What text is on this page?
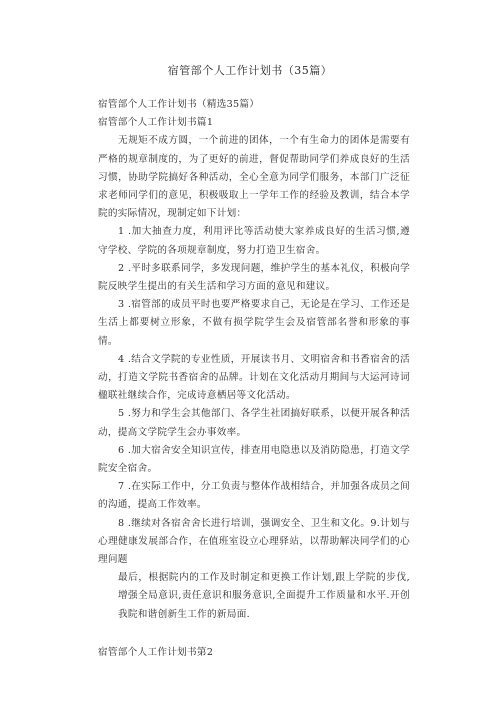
宿管部个人工作计划书（35篇）

宿管部个人工作计划书（精选35篇）

宿管部个人工作计划书篇1

无规矩不成方圆，一个前进的团体，一个有生命力的团体是需要有严格的规章制度的，为了更好的前进，督促帮助同学们养成良好的生活习惯，协助学院搞好各种活动，全心全意为同学们服务，本部门广泛征求老师同学们的意见，积极吸取上一学年工作的经验及教训，结合本学院的实际情况，现制定如下计划：

1 .加大抽查力度，利用评比等活动使大家养成良好的生活习惯,遵守学校、学院的各项规章制度，努力打造卫生宿舍。

2 .平时多联系同学，多发现问题，维护学生的基本礼仪，积极向学院反映学生提出的有关生活和学习方面的意见和建议。

3 .宿管部的成员平时也要严格要求自己，无论是在学习、工作还是生活上都要树立形象，不做有损学院学生会及宿管部名誉和形象的事情。

4 .结合文学院的专业性质，开展读书月、文明宿舍和书香宿舍的活动，打造文学院书香宿舍的品牌。计划在文化活动月期间与大运河诗词楹联社继续合作，完成诗意栖居等文化活动。

5 .努力和学生会其他部门、各学生社团搞好联系，以便开展各种活动，提高文学院学生会办事效率。

6 .加大宿舍安全知识宣传，排查用电隐患以及消防隐患，打造文学院安全宿舍。

7 .在实际工作中，分工负责与整体作战相结合，并加强各成员之间的沟通，提高工作效率。

8 .继续对各宿舍舍长进行培训，强调安全、卫生和文化。9.计划与心理健康发展部合作，在值班室设立心理驿站，以帮助解决同学们的心理问题

最后，根据院内的工作及时制定和更换工作计划,跟上学院的步伐,增强全局意识,责任意识和服务意识,全面提升工作质量和水平.开创我院和谐创新生工作的新局面.

宿管部个人工作计划书第2
